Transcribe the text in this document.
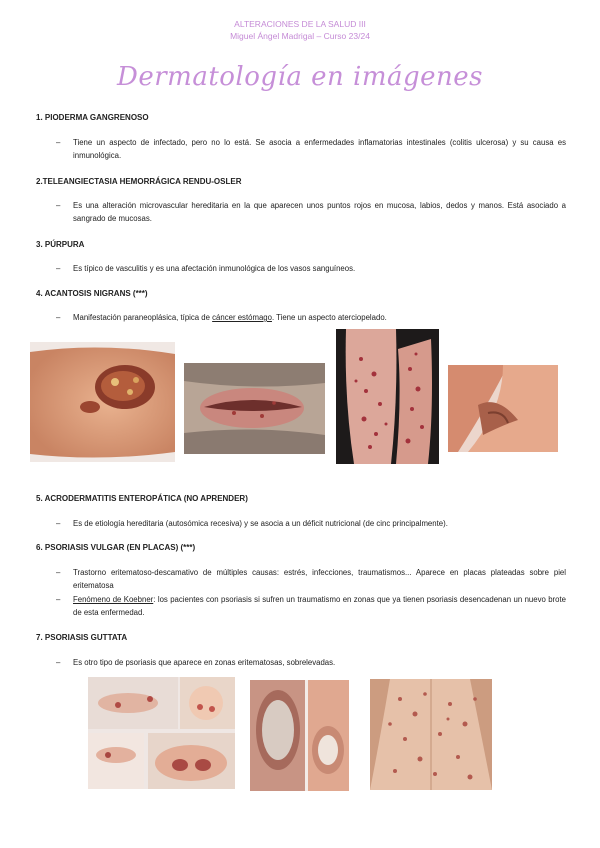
ALTERACIONES DE LA SALUD III
Miguel Ángel Madrigal – Curso 23/24
Dermatología en imágenes
1. PIODERMA GANGRENOSO
– Tiene un aspecto de infectado, pero no lo está. Se asocia a enfermedades inflamatorias intestinales (colitis ulcerosa) y su causa es inmunológica.
2.TELEANGIECTASIA HEMORRÁGICA RENDU-OSLER
– Es una alteración microvascular hereditaria en la que aparecen unos puntos rojos en mucosa, labios, dedos y manos. Está asociado a sangrado de mucosas.
3. PÚRPURA
– Es típico de vasculitis y es una afectación inmunológica de los vasos sanguíneos.
4. ACANTOSIS NIGRANS (***)
– Manifestación paraneoplásica, típica de cáncer estómago. Tiene un aspecto aterciopelado.
5. ACRODERMATITIS ENTEROPÁTICA (NO APRENDER)
– Es de etiología hereditaria (autosómica recesiva) y se asocia a un déficit nutricional (de cinc principalmente).
6. PSORIASIS VULGAR (EN PLACAS) (***)
– Trastorno eritematoso-descamativo de múltiples causas: estrés, infecciones, traumatismos... Aparece en placas plateadas sobre piel eritematosa
– Fenómeno de Koebner: los pacientes con psoriasis si sufren un traumatismo en zonas que ya tienen psoriasis desencadenan un nuevo brote de esta enfermedad.
7. PSORIASIS GUTTATA
– Es otro tipo de psoriasis que aparece en zonas eritematosas, sobrelevadas.
